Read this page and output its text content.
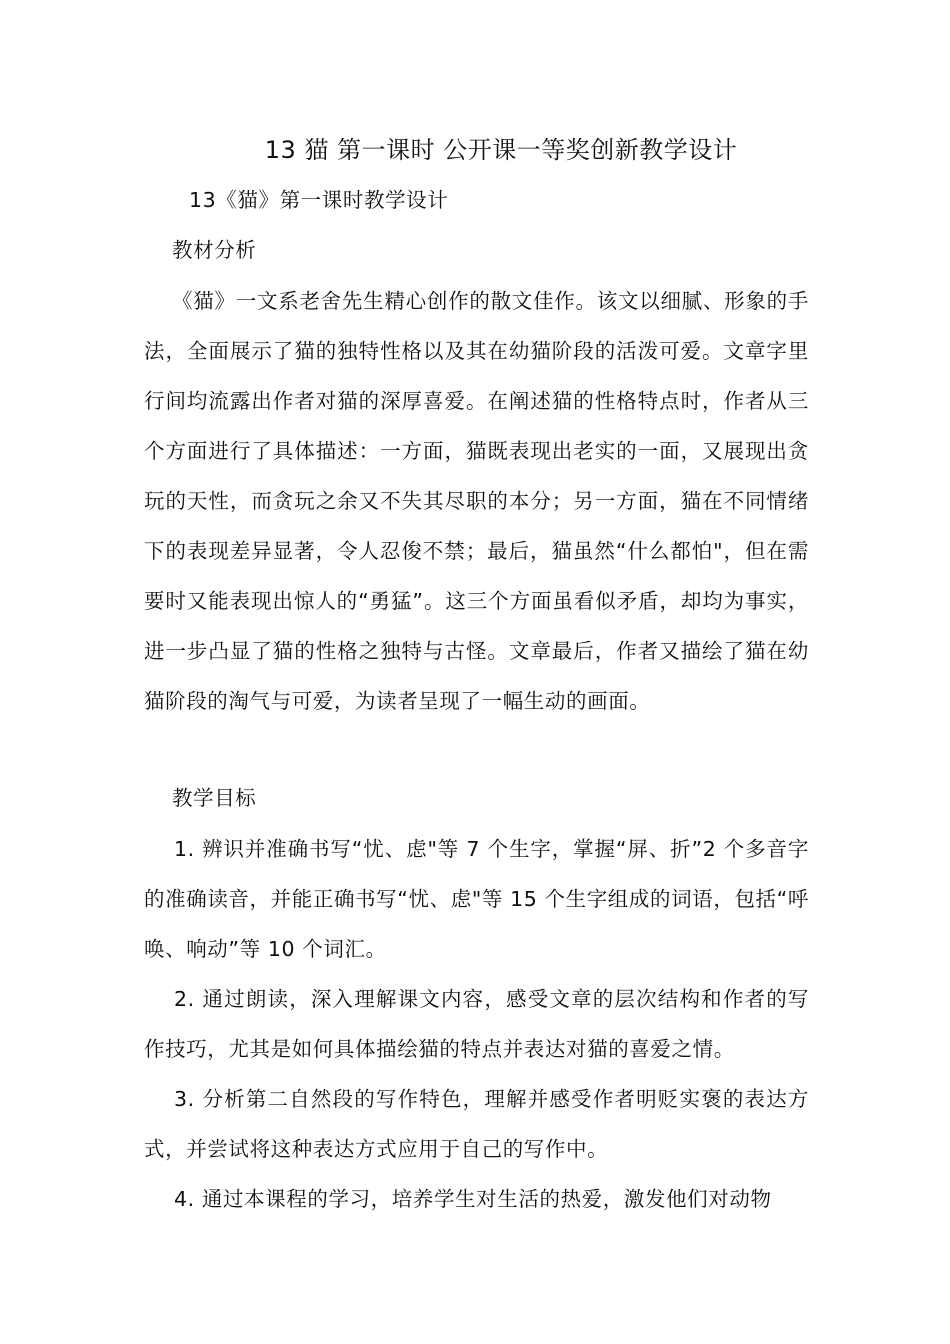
13 猫 第一课时 公开课一等奖创新教学设计
13《猫》第一课时教学设计
教材分析

《猫》一文系老舍先生精心创作的散文佳作。该文以细腻、形象的手法，全面展示了猫的独特性格以及其在幼猫阶段的活泼可爱。文章字里行间均流露出作者对猫的深厚喜爱。在阐述猫的性格特点时，作者从三个方面进行了具体描述：一方面，猫既表现出老实的一面，又展现出贪玩的天性，而贪玩之余又不失其尽职的本分；另一方面，猫在不同情绪下的表现差异显著，令人忍俊不禁；最后，猫虽然“什么都怕"，但在需要时又能表现出惊人的“勇猛”。这三个方面虽看似矛盾，却均为事实，进一步凸显了猫的性格之独特与古怪。文章最后，作者又描绘了猫在幼猫阶段的淘气与可爱，为读者呈现了一幅生动的画面。

教学目标

1. 辨识并准确书写“忧、虑"等 7 个生字，掌握“屏、折”2 个多音字的准确读音，并能正确书写“忧、虑"等 15 个生字组成的词语，包括“呼唤、响动”等 10 个词汇。

2. 通过朗读，深入理解课文内容，感受文章的层次结构和作者的写作技巧，尤其是如何具体描绘猫的特点并表达对猫的喜爱之情。

3. 分析第二自然段的写作特色，理解并感受作者明贬实褒的表达方式，并尝试将这种表达方式应用于自己的写作中。

4. 通过本课程的学习，培养学生对生活的热爱，激发他们对动物
